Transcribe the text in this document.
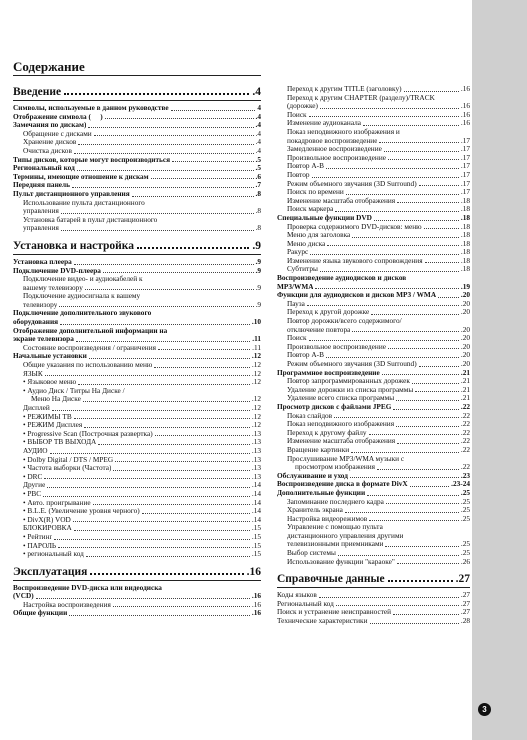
Содержание
Введение	.4
Символы, используемые в данном руководстве	4
Отображение символа ( ⃠ )	.4
Замечания по дискам)	.4
Обращение с дисками	.4
Хранение дисков	.4
Очистка дисков	.4
Типы дисков, которые могут воспроизводиться	.5
Региональный код	.5
Термины, имеющие отношение к дискам	.6
Передняя панель	.7
Пульт дистанционного управления	.8
Использование пульта дистанционного
управления	.8
Установка батарей в пульт дистанционного
управления	.8
Установка и настройка	.9
Установка плеера	.9
Подключение DVD-плеера	.9
Подключение видео- и аудиокабелей к
вашему телевизору	.9
Подключение аудиосигнала к вашему
телевизору	.9
Подключение дополнительного звукового
оборудования	.10
Отображение дополнительной информации на
экране телевизора	.11
Состояние воспроизведения / ограничения	.11
Начальные установки	.12
Общие указания по использованию меню	.12
ЯЗЫК	.12
• Языковое меню	.12
• Аудио Диск / Титры На Диске /
Меню На Диске	.12
Дисплей	.12
• РЕЖИМЫ ТВ	.12
• РЕЖИМ Дисплея	.12
• Progressive Scan (Построчная развертка)	.13
• ВЫБОР ТВ ВЫХОДА	.13
АУДИО	.13
• Dolby Digital / DTS / MPEG	.13
• Частота выборки (Частота)	.13
• DRC	.13
Другие	.14
• PBC	.14
• Авто. проигрывание	.14
• B.L.E. (Увеличение уровня черного)	.14
• DivX(R) VOD	.14
БЛОКИРОВКА	.15
• Рейтинг	.15
• ПАРОЛЬ	.15
• региональный код	.15
Эксплуатация	.16
Воспроизведение DVD-диска или видеодиска
(VCD)	.16
Настройка воспроизведения	.16
Общие функции	.16
Переход к другим TITLE (заголовку)	.16
Переход к другим CHAPTER (разделу)/TRACK
(дорожке)	.16
Поиск	.16
Изменение аудиоканала	.16
Показ неподвижного изображения и
покадровое воспроизведение	.17
Замедленное воспроизведение	.17
Произвольное воспроизведение	.17
Повтор A-B	.17
Повтор	.17
Режим объемного звучания (3D Surround)	.17
Поиск по времени	.17
Изменение масштаба отображения	.18
Поиск маркера	.18
Специальные функции DVD	.18
Проверка содержимого DVD-дисков: меню	.18
Меню для заголовка	.18
Меню диска	.18
Ракурс	.18
Изменение языка звукового сопровождения	.18
Субтитры	.18
Воспроизведение аудиодисков и дисков
MP3/WMA	.19
Функции для аудиодисков и дисков MP3 / WMA	.20
Пауза	.20
Переход к другой дорожке	.20
Повтор дорожки/всего содержимого/
отключение повтора	.20
Поиск	.20
Произвольное воспроизведение	.20
Повтор A-B	.20
Режим объемного звучания (3D Surround)	.20
Программное воспроизведение	.21
Повтор запрограммированных дорожек	.21
Удаление дорожки из списка программы	.21
Удаление всего списка программы	.21
Просмотр дисков с файлами JPEG	.22
Показ слайдов	.22
Показ неподвижного изображения	.22
Переход к другому файлу	.22
Изменение масштаба отображения	.22
Вращение картинки	.22
Прослушивание MP3/WMA музыки с
просмотром изображения	.22
Обслуживание и уход	.23
Воспроизведение диска в формате DivX	.23-24
Дополнительные функции	.25
Запоминание последнего кадра	.25
Хранитель экрана	.25
Настройка видеорежимов	.25
Управление с помощью пульта
дистанционного управления другими
телевизионными приемниками	.25
Выбор системы	.25
Использование функции "караоке"	.26
Справочные данные	.27
Коды языков	.27
Региональный код	.27
Поиск и устранение неисправностей	.27
Технические характеристики	.28
3
